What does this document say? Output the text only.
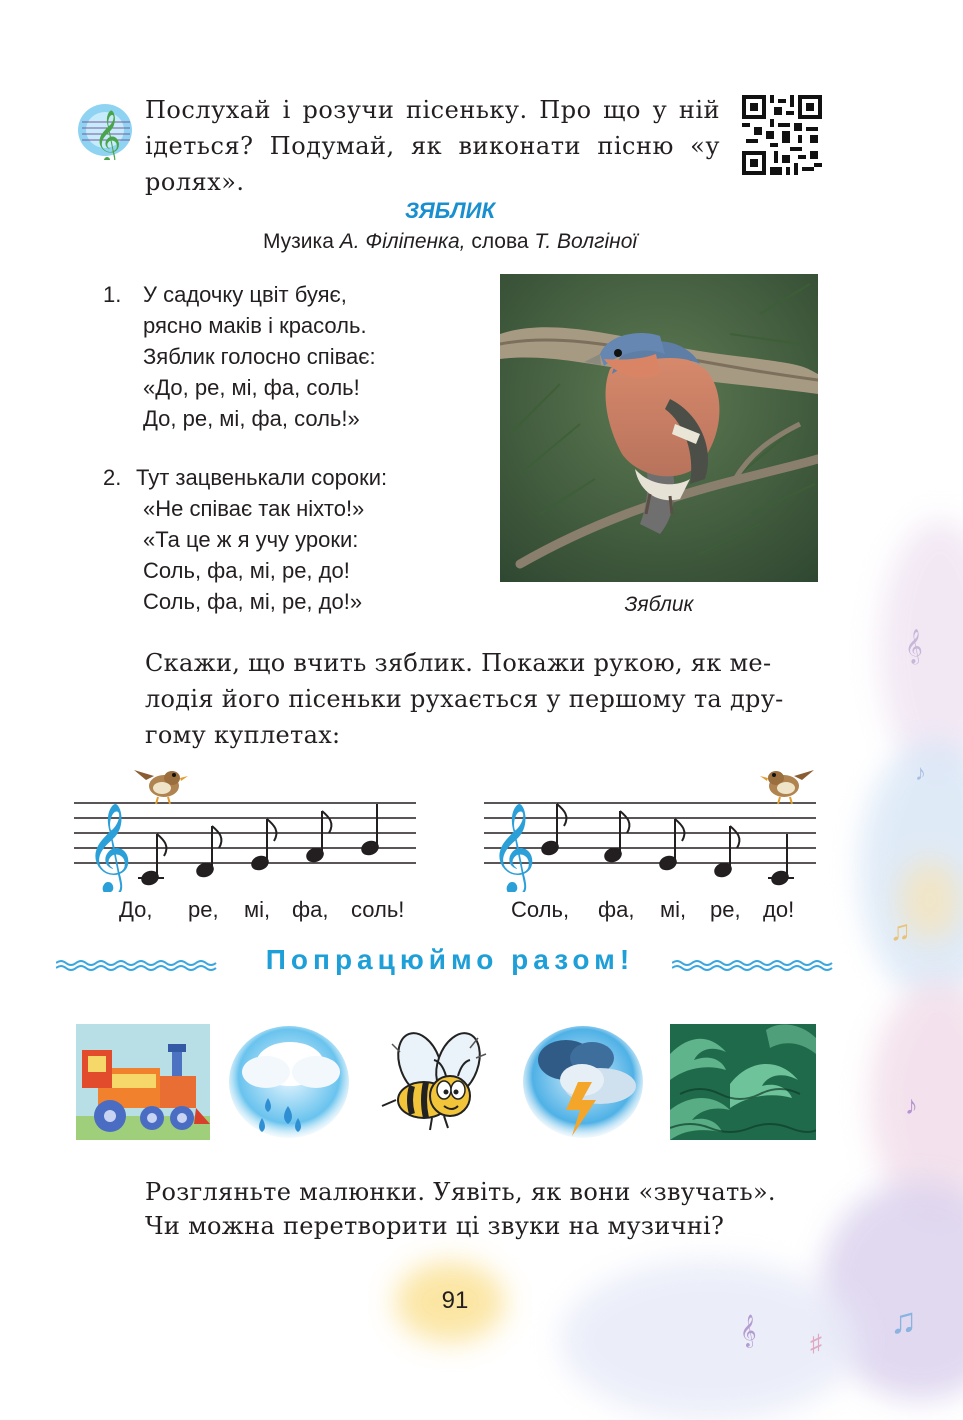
𝄞
♪
♫
♪
♫
𝄞 ♯
𝄞 Послухай і розучи пісеньку. Про що у ній ідеться? Подумай, як виконати пісню «у ролях».
ЗЯБЛИК
Музика А. Філіпенка, слова Т. Волгіної
1. У садочку цвіт буяє,
рясно маків і красоль.
Зяблик голосно співає:
«До, ре, мі, фа, соль!
До, ре, мі, фа, соль!»
2. Тут зацвенькали сороки:
«Не співає так ніхто!»
«Та це ж я учу уроки:
Соль, фа, мі, ре, до!
Соль, фа, мі, ре, до!»	Зяблик
Скажи, що вчить зяблик. Покажи рукою, як ме-лодія його пісеньки рухається у першому та дру-гому куплетах:
𝄞
До, ре, мі, фа, соль!
𝄞
Соль, фа, мі, ре, до!
Попрацюймо разом!
Розгляньте малюнки. Уявіть, як вони «звучать».
Чи можна перетворити ці звуки на музичні?
91
